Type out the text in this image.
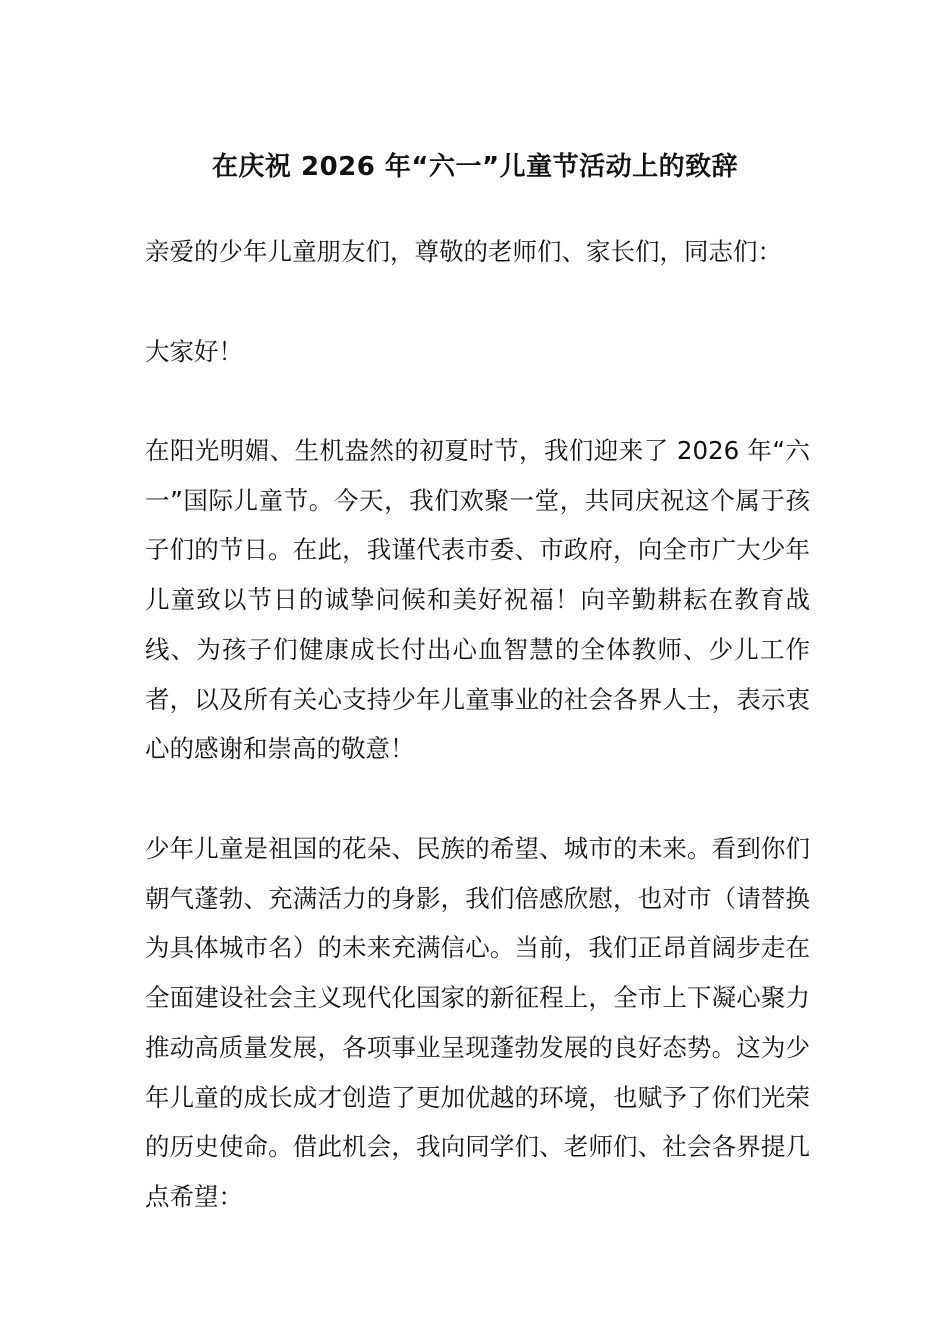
在庆祝 2026 年“六一”儿童节活动上的致辞

亲爱的少年儿童朋友们，尊敬的老师们、家长们，同志们：

大家好！

在阳光明媚、生机盎然的初夏时节，我们迎来了 2026 年“六一”国际儿童节。今天，我们欢聚一堂，共同庆祝这个属于孩子们的节日。在此，我谨代表市委、市政府，向全市广大少年儿童致以节日的诚挚问候和美好祝福！向辛勤耕耘在教育战线、为孩子们健康成长付出心血智慧的全体教师、少儿工作者，以及所有关心支持少年儿童事业的社会各界人士，表示衷心的感谢和崇高的敬意！

少年儿童是祖国的花朵、民族的希望、城市的未来。看到你们朝气蓬勃、充满活力的身影，我们倍感欣慰，也对市（请替换为具体城市名）的未来充满信心。当前，我们正昂首阔步走在全面建设社会主义现代化国家的新征程上，全市上下凝心聚力推动高质量发展，各项事业呈现蓬勃发展的良好态势。这为少年儿童的成长成才创造了更加优越的环境，也赋予了你们光荣的历史使命。借此机会，我向同学们、老师们、社会各界提几点希望：
